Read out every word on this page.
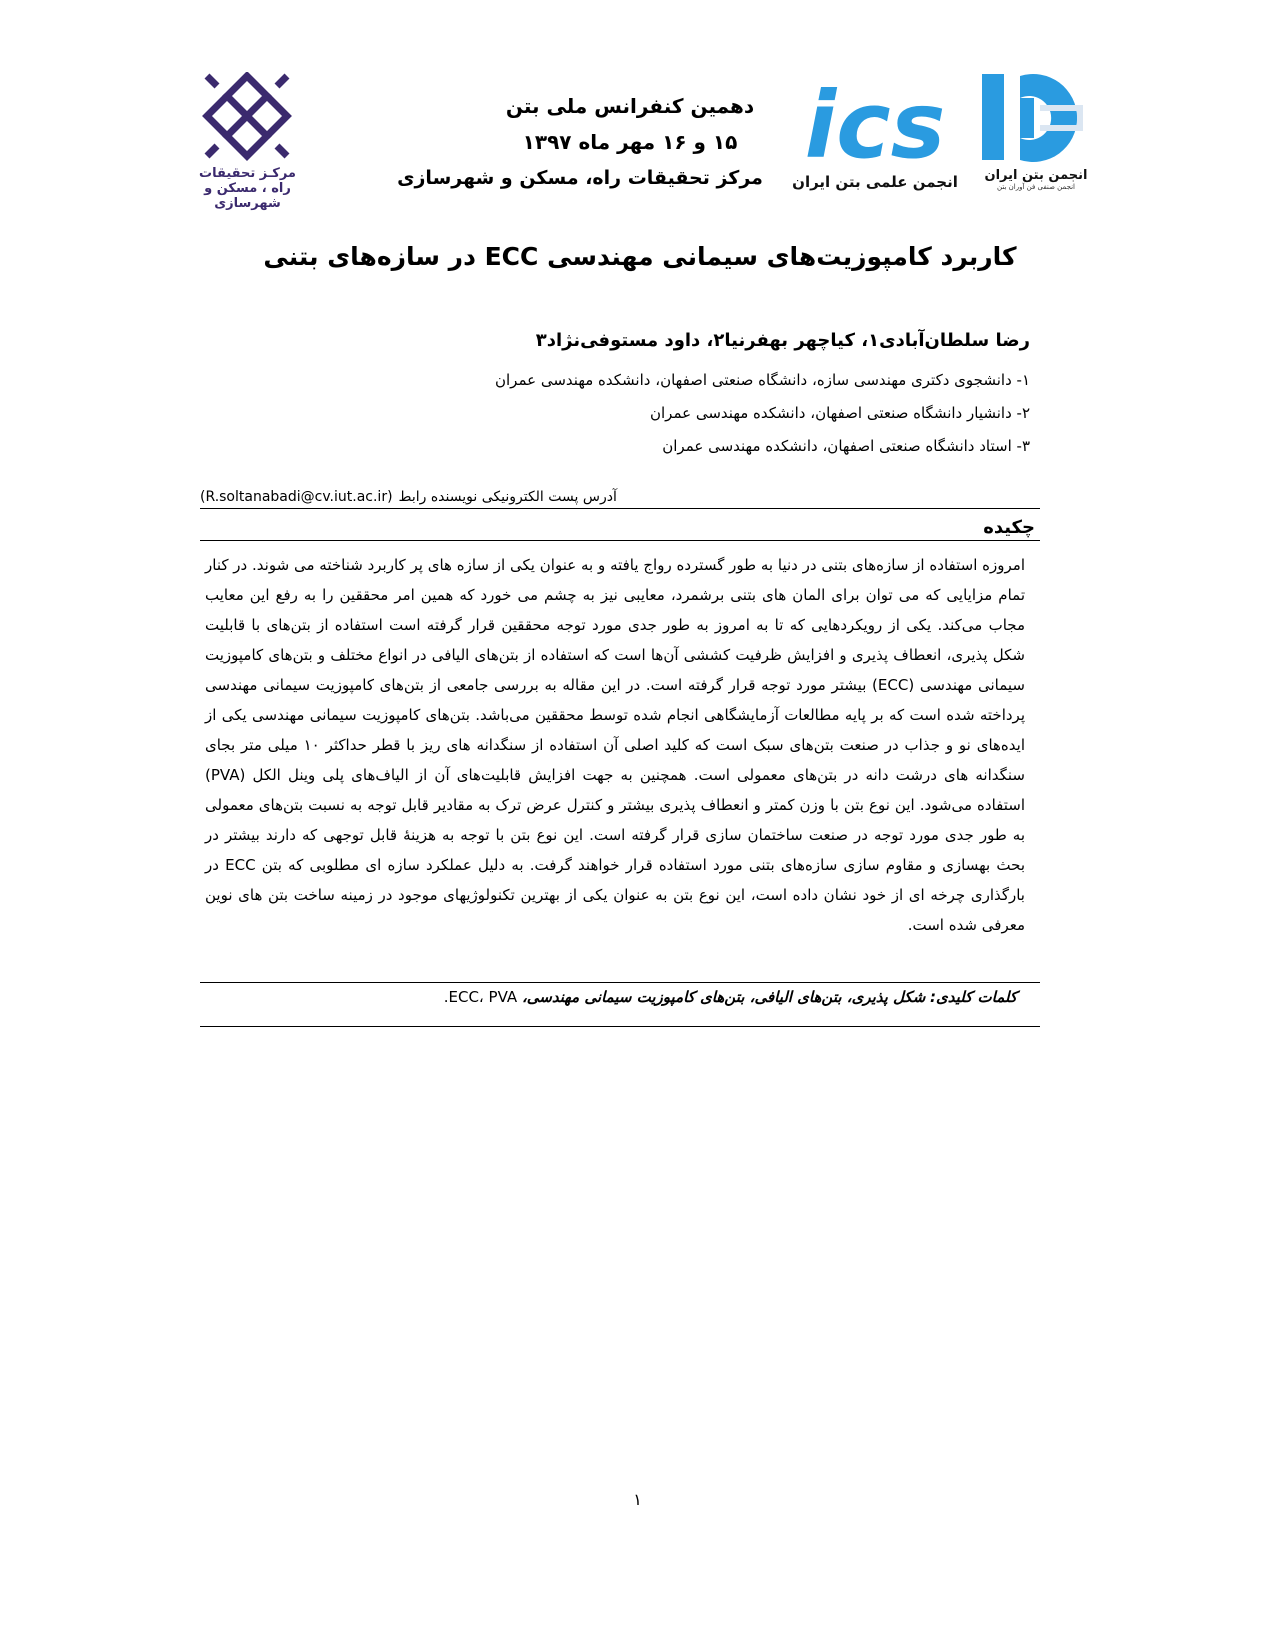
انجمن بتن ایران
انجمن صنفی فن آوران بتن
ics
انجمن علمی بتن ایران
مرکـز تحقیقات
راه ، مسکن و شهرسازی
دهمین کنفرانس ملی بتن
۱۵ و ۱۶ مهر ماه ۱۳۹۷
مرکز تحقیقات راه، مسکن و شهرسازی
کاربرد کامپوزیت‌های سیمانی مهندسی ECC در سازه‌های بتنی
رضا سلطان‌آبادی۱، کیاچهر بهفرنیا۲، داود مستوفی‌نژاد۳
۱- دانشجوی دکتری مهندسی سازه، دانشگاه صنعتی اصفهان، دانشکده مهندسی عمران
۲- دانشیار دانشگاه صنعتی اصفهان، دانشکده مهندسی عمران
۳- استاد دانشگاه صنعتی اصفهان، دانشکده مهندسی عمران
آدرس پست الکترونیکی نویسنده رابط
(R.soltanabadi@cv.iut.ac.ir)
چکیده
امروزه استفاده از سازه‌های بتنی در دنیا به طور گسترده رواج یافته و به عنوان یکی از سازه های پر کاربرد شناخته می شوند. در کنار تمام مزایایی که می توان برای المان های بتنی برشمرد، معایبی نیز به چشم می خورد که همین امر محققین را به رفع این معایب مجاب می‌کند. یکی از رویکردهایی که تا به امروز به طور جدی مورد توجه محققین قرار گرفته است استفاده از بتن‌های با قابلیت شکل پذیری، انعطاف پذیری و افزایش ظرفیت کششی آن‌ها است که استفاده از بتن‌های الیافی در انواع مختلف و بتن‌های کامپوزیت سیمانی مهندسی (ECC) بیشتر مورد توجه قرار گرفته است. در این مقاله به بررسی جامعی از بتن‌های کامپوزیت سیمانی مهندسی پرداخته شده است که بر پایه مطالعات آزمایشگاهی انجام شده توسط محققین می‌باشد. بتن‌های کامپوزیت سیمانی مهندسی یکی از ایده‌های نو و جذاب در صنعت بتن‌های سبک است که کلید اصلی آن استفاده از سنگدانه های ریز با قطر حداکثر ۱۰ میلی متر بجای سنگدانه های درشت دانه در بتن‌های معمولی است. همچنین به جهت افزایش قابلیت‌های آن از الیاف‌های پلی وینل الکل (PVA) استفاده می‌شود. این نوع بتن با وزن کمتر و انعطاف پذیری بیشتر و کنترل عرض ترک به مقادیر قابل توجه به نسبت بتن‌های معمولی به طور جدی مورد توجه در صنعت ساختمان سازی قرار گرفته است. این نوع بتن با توجه به هزینهٔ قابل توجهی که دارند بیشتر در بحث بهسازی و مقاوم سازی سازه‌های بتنی مورد استفاده قرار خواهند گرفت. به دلیل عملکرد سازه ای مطلوبی که بتن ECC در بارگذاری چرخه ای از خود نشان داده است، این نوع بتن به عنوان یکی از بهترین تکنولوژیهای موجود در زمینه ساخت بتن های نوین معرفی شده است.
کلمات کلیدی: شکل پذیری، بتن‌های الیافی، بتن‌های کامپوزیت سیمانی مهندسی، ECC، PVA.
۱
